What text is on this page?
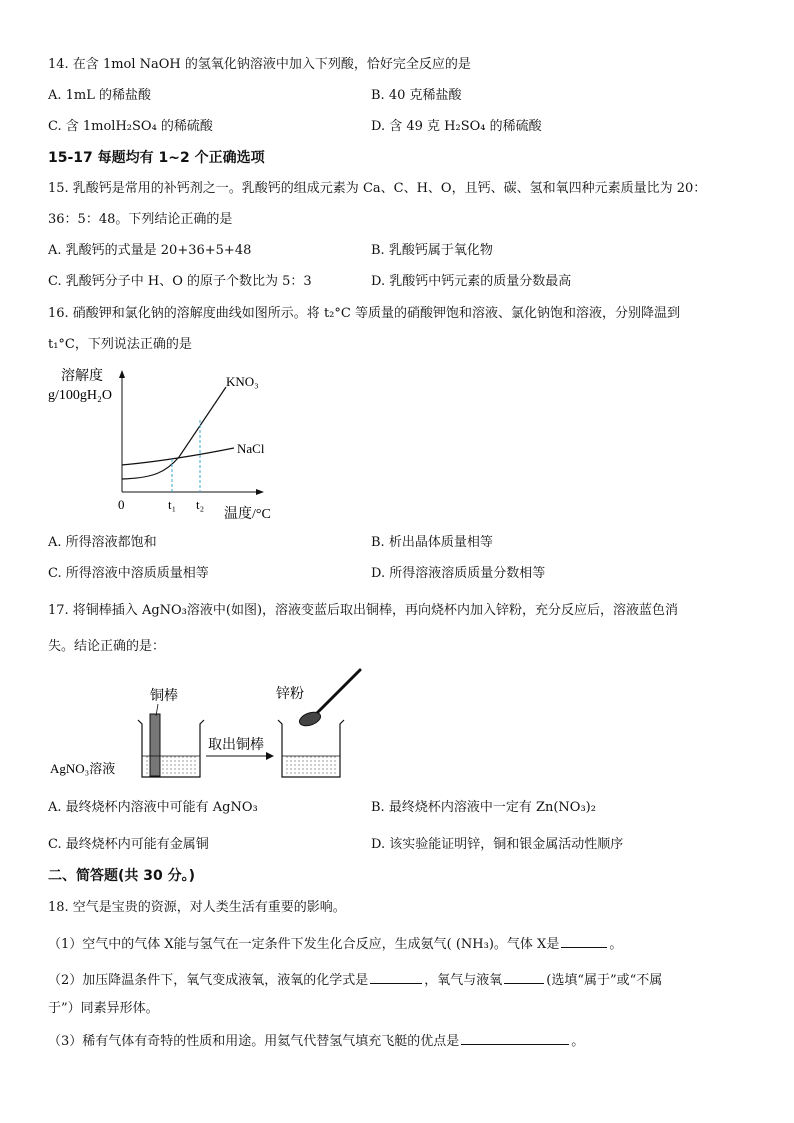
14. 在含 1mol NaOH 的氢氧化钠溶液中加入下列酸，恰好完全反应的是
A. 1mL 的稀盐酸	B. 40 克稀盐酸
C. 含 1molH₂SO₄ 的稀硫酸	D. 含 49 克 H₂SO₄ 的稀硫酸
15-17 每题均有 1~2 个正确选项
15. 乳酸钙是常用的补钙剂之一。乳酸钙的组成元素为 Ca、C、H、O，且钙、碳、氢和氧四种元素质量比为 20：
36：5：48。下列结论正确的是
A. 乳酸钙的式量是 20+36+5+48	B. 乳酸钙属于氧化物
C. 乳酸钙分子中 H、O 的原子个数比为 5：3	D. 乳酸钙中钙元素的质量分数最高
16. 硝酸钾和氯化钠的溶解度曲线如图所示。将 t₂°C 等质量的硝酸钾饱和溶液、氯化钠饱和溶液，分别降温到
t₁°C，下列说法正确的是
溶解度
g/100gH₂O
0	t₁ t₂
温度/°C
KNO₃
NaCl
A. 所得溶液都饱和	B. 析出晶体质量相等
C. 所得溶液中溶质质量相等	D. 所得溶液溶质质量分数相等
17. 将铜棒插入 AgNO₃溶液中(如图)，溶液变蓝后取出铜棒，再向烧杯内加入锌粉，充分反应后，溶液蓝色消
失。结论正确的是：
铜棒
AgNO₃溶液
取出铜棒
锌粉
A. 最终烧杯内溶液中可能有 AgNO₃	B. 最终烧杯内溶液中一定有 Zn(NO₃)₂
C. 最终烧杯内可能有金属铜	D. 该实验能证明锌，铜和银金属活动性顺序
二、简答题(共 30 分。)
18. 空气是宝贵的资源，对人类生活有重要的影响。
（1）空气中的气体 X能与氢气在一定条件下发生化合反应，生成氨气( (NH₃)。气体 X是	。
（2）加压降温条件下，氧气变成液氧，液氧的化学式是	，氧气与液氧	(选填“属于”或“不属
于”）同素异形体。
（3）稀有气体有奇特的性质和用途。用氦气代替氢气填充飞艇的优点是	。
